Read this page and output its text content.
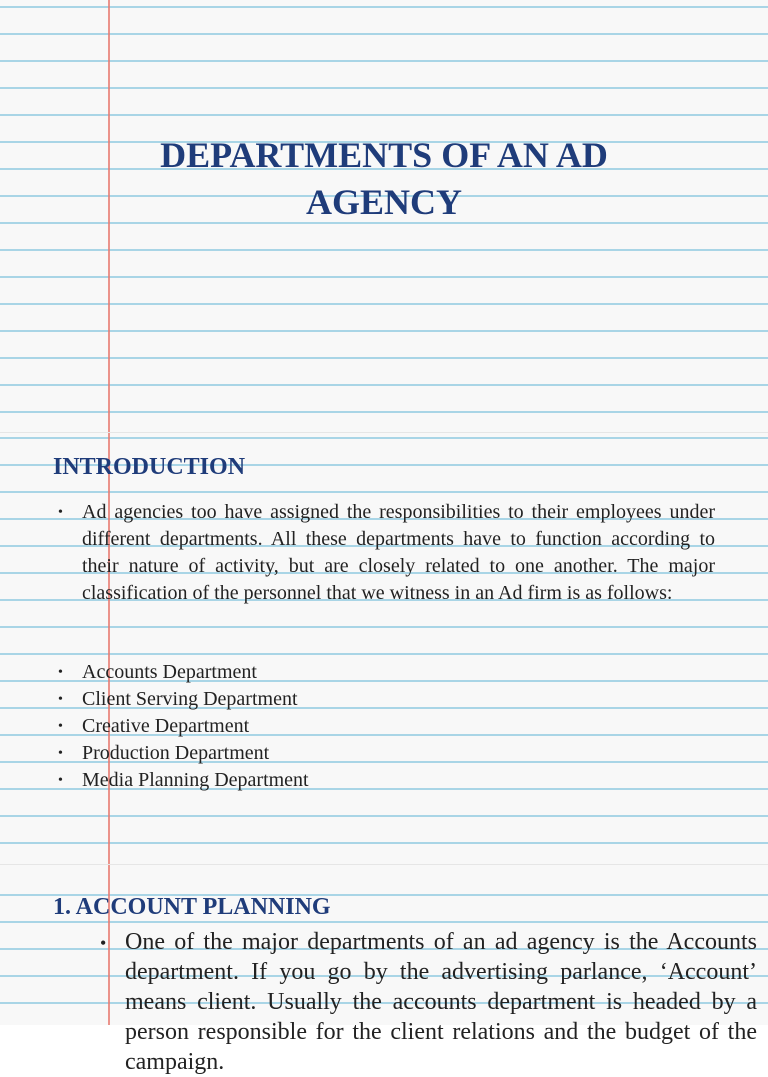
DEPARTMENTS OF AN AD
AGENCY
INTRODUCTION
• Ad agencies too have assigned the responsibilities to their employees under different departments. All these departments have to function according to their nature of activity, but are closely related to one another. The major classification of the personnel that we witness in an Ad firm is as follows:
• Accounts Department
• Client Serving Department
• Creative Department
• Production Department
• Media Planning Department
1. ACCOUNT PLANNING
• One of the major departments of an ad agency is the Accounts department. If you go by the advertising parlance, ‘Account’ means client. Usually the accounts department is headed by a person responsible for the client relations and the budget of the campaign.
